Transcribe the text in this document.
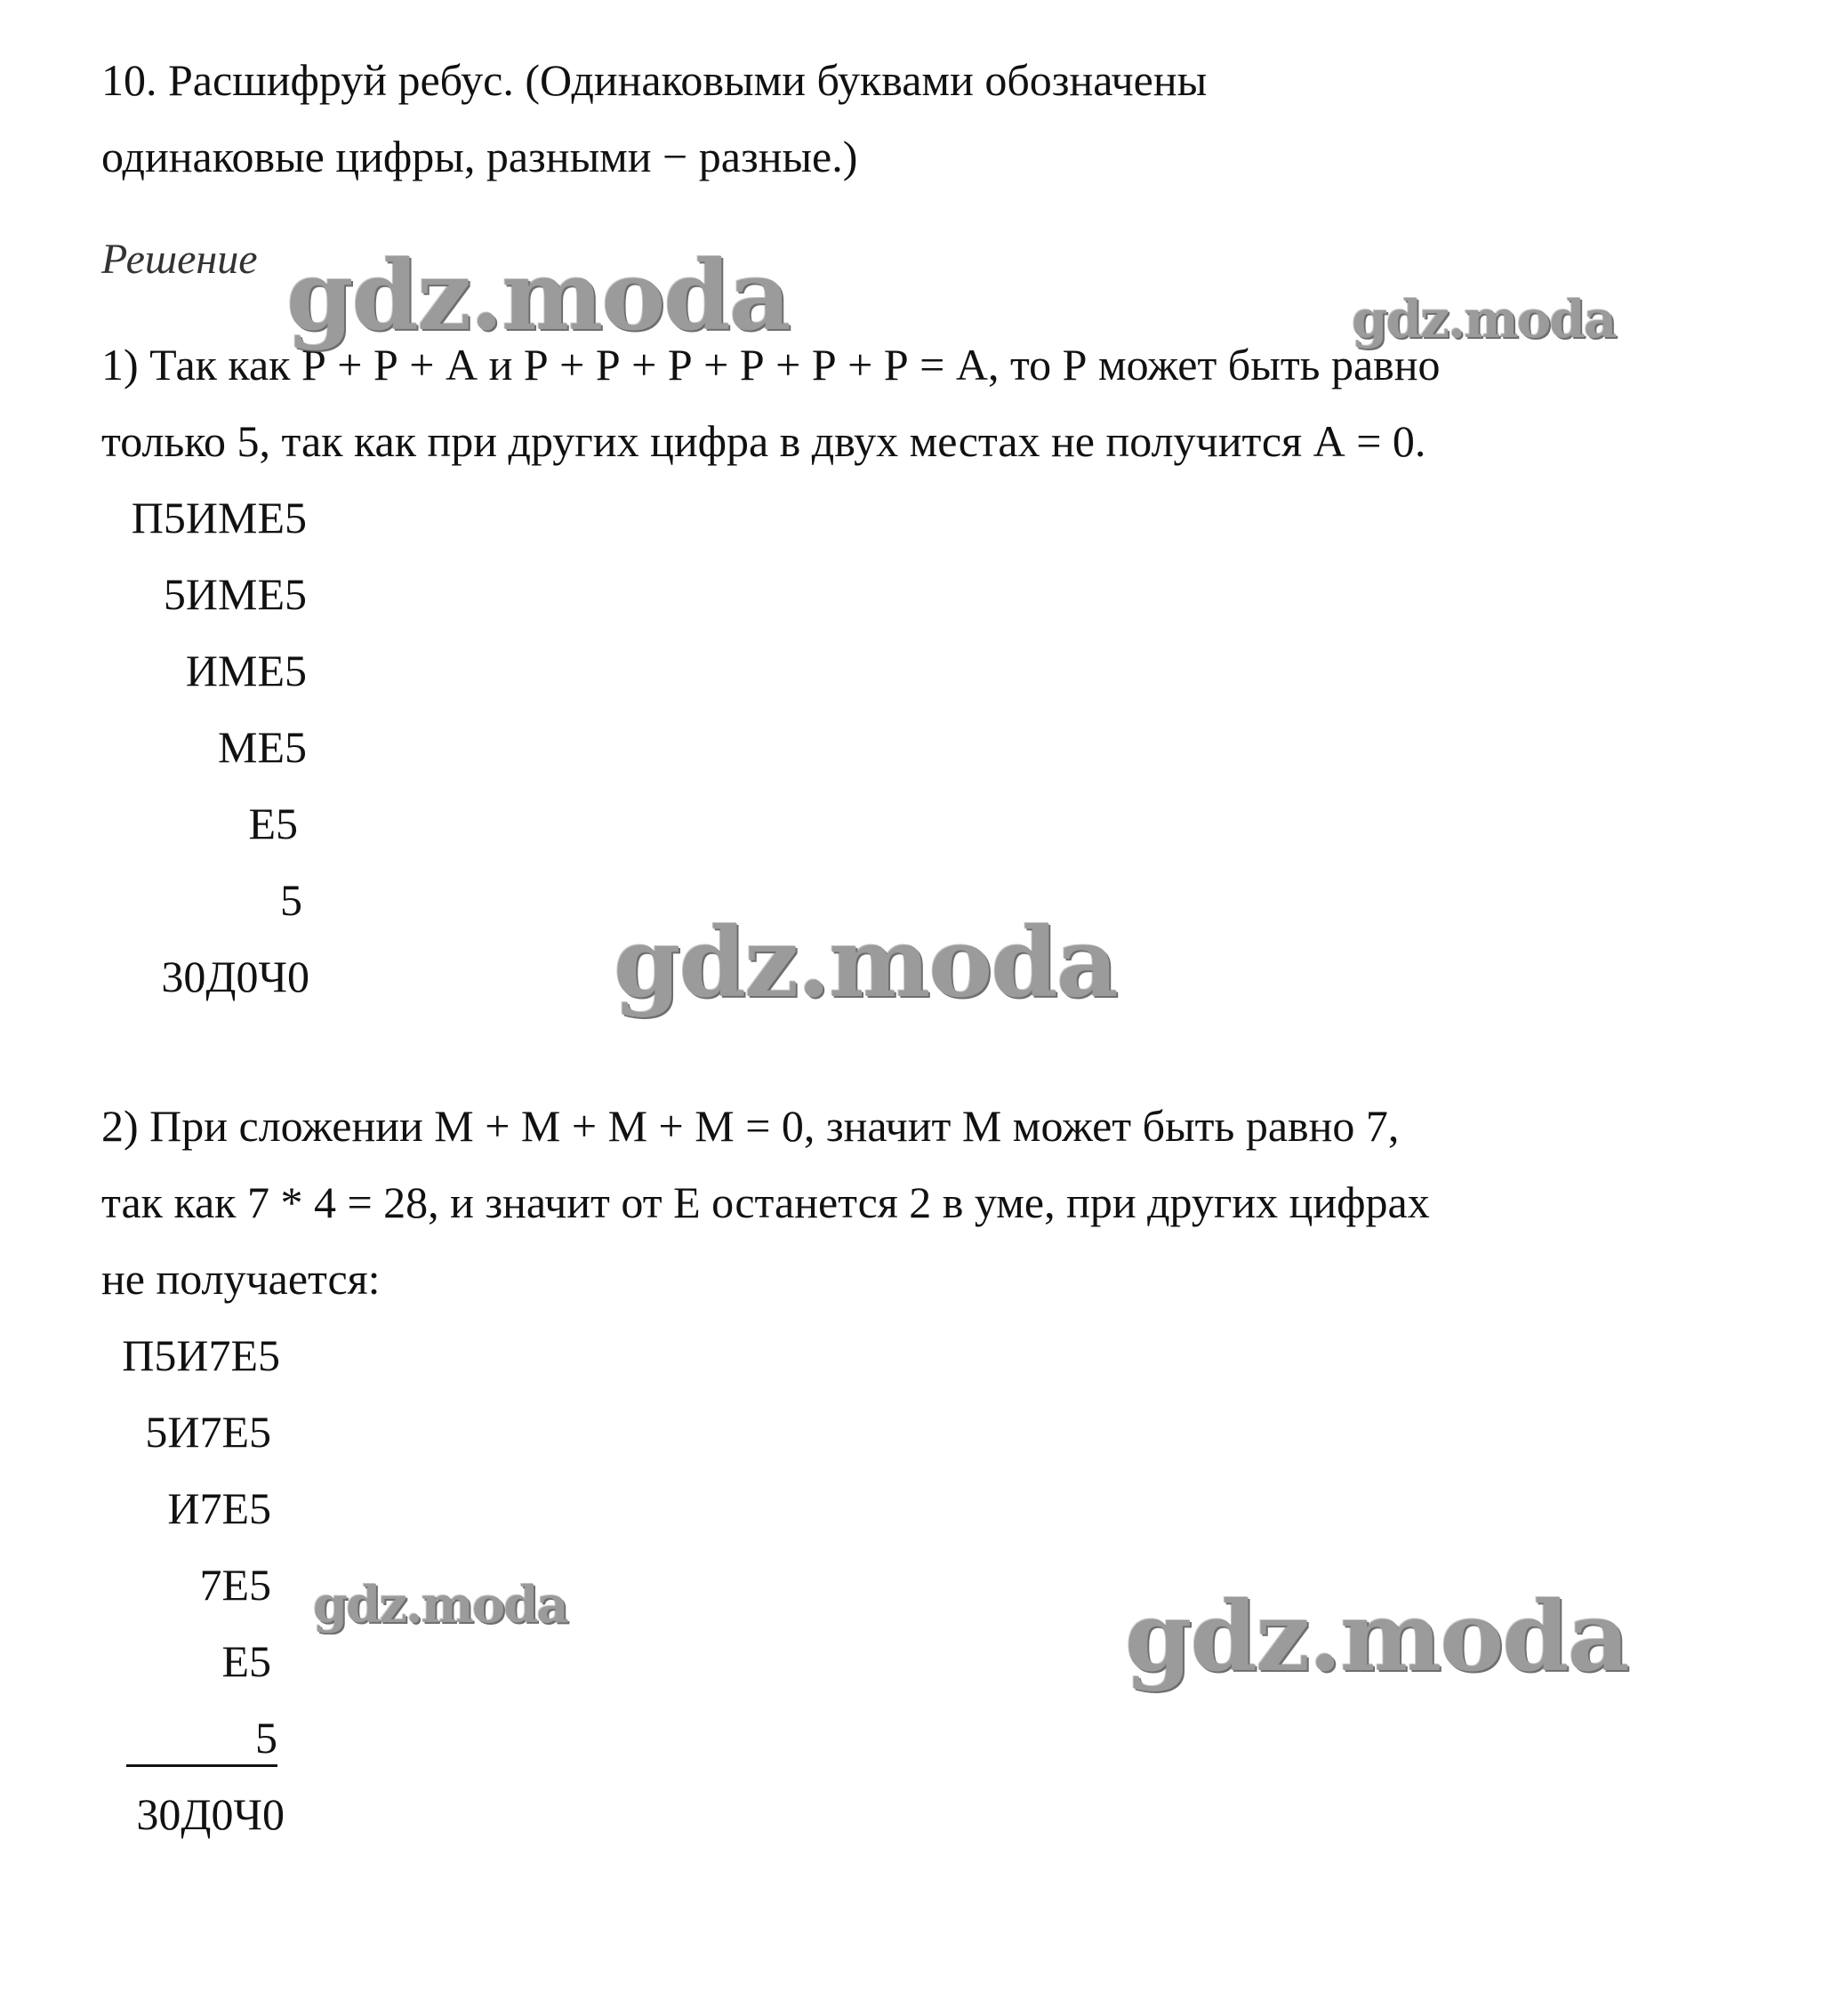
10. Расшифруй ребус. (Одинаковыми буквами обозначены

одинаковые цифры, разными − разные.)

Решение

1) Так как Р + Р + А и Р + Р + Р + Р + Р + Р = А, то Р может быть равно

только 5, так как при других цифра в двух местах не получится А = 0.

П5ИМЕ5
5ИМЕ5
ИМЕ5
МЕ5
Е5
5
30Д0Ч0

2) При сложении М + М + М + М = 0, значит М может быть равно 7,

так как 7 * 4 = 28, и значит от Е останется 2 в уме, при других цифрах

не получается:

П5И7Е5
5И7Е5
И7Е5
7Е5
Е5
5
30Д0Ч0
gdz.moda	gdz.moda
gdz.moda
gdz.moda	gdz.moda
